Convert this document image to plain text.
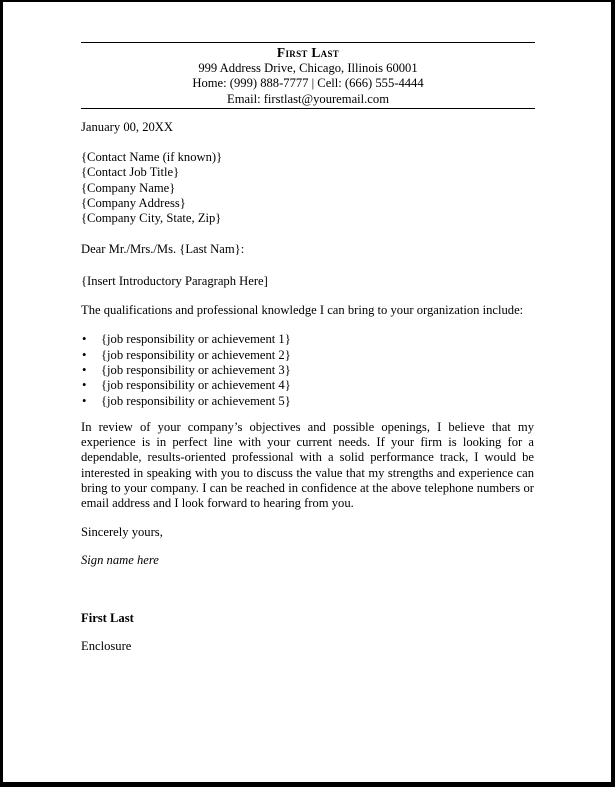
First Last
999 Address Drive, Chicago, Illinois 60001
Home: (999) 888-7777 | Cell: (666) 555-4444
Email: firstlast@youremail.com
January 00, 20XX
{Contact Name (if known)}
{Contact Job Title}
{Company Name}
{Company Address}
{Company City, State, Zip}
Dear Mr./Mrs./Ms. {Last Nam}:
{Insert Introductory Paragraph Here]
The qualifications and professional knowledge I can bring to your organization include:
• {job responsibility or achievement 1}
• {job responsibility or achievement 2}
• {job responsibility or achievement 3}
• {job responsibility or achievement 4}
• {job responsibility or achievement 5}
In review of your company’s objectives and possible openings, I believe that my experience is in perfect line with your current needs. If your firm is looking for a dependable, results-oriented professional with a solid performance track, I would be interested in speaking with you to discuss the value that my strengths and experience can bring to your company. I can be reached in confidence at the above telephone numbers or email address and I look forward to hearing from you.
Sincerely yours,
Sign name here
First Last
Enclosure
